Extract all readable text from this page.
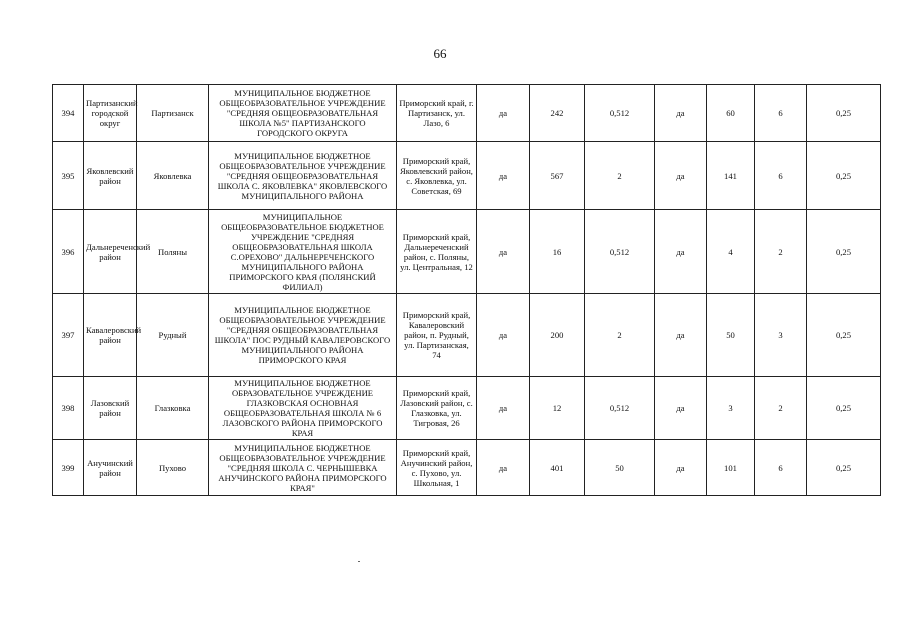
66
394	Партизанский городской округ	Партизанск	МУНИЦИПАЛЬНОЕ БЮДЖЕТНОЕ ОБЩЕОБРАЗОВАТЕЛЬНОЕ УЧРЕЖДЕНИЕ "СРЕДНЯЯ ОБЩЕОБРАЗОВАТЕЛЬНАЯ ШКОЛА №5" ПАРТИЗАНСКОГО ГОРОДСКОГО ОКРУГА	Приморский край, г. Партизанск, ул. Лазо, 6	да	242	0,512	да	60	6	0,25
395	Яковлевский район	Яковлевка	МУНИЦИПАЛЬНОЕ БЮДЖЕТНОЕ ОБЩЕОБРАЗОВАТЕЛЬНОЕ УЧРЕЖДЕНИЕ "СРЕДНЯЯ ОБЩЕОБРАЗОВАТЕЛЬНАЯ ШКОЛА С. ЯКОВЛЕВКА" ЯКОВЛЕВСКОГО МУНИЦИПАЛЬНОГО РАЙОНА	Приморский край, Яковлевский район, с. Яковлевка, ул. Советская, 69	да	567	2	да	141	6	0,25
396	Дальнереченский район	Поляны	МУНИЦИПАЛЬНОЕ ОБЩЕОБРАЗОВАТЕЛЬНОЕ БЮДЖЕТНОЕ УЧРЕЖДЕНИЕ "СРЕДНЯЯ ОБЩЕОБРАЗОВАТЕЛЬНАЯ ШКОЛА С.ОРЕХОВО" ДАЛЬНЕРЕЧЕНСКОГО МУНИЦИПАЛЬНОГО РАЙОНА ПРИМОРСКОГО КРАЯ (ПОЛЯНСКИЙ ФИЛИАЛ)	Приморский край, Дальнереченский район, с. Поляны, ул. Центральная, 12	да	16	0,512	да	4	2	0,25
397	Кавалеровский район	Рудный	МУНИЦИПАЛЬНОЕ БЮДЖЕТНОЕ ОБЩЕОБРАЗОВАТЕЛЬНОЕ УЧРЕЖДЕНИЕ "СРЕДНЯЯ ОБЩЕОБРАЗОВАТЕЛЬНАЯ ШКОЛА" ПОС РУДНЫЙ КАВАЛЕРОВСКОГО МУНИЦИПАЛЬНОГО РАЙОНА ПРИМОРСКОГО КРАЯ	Приморский край, Кавалеровский район, п. Рудный, ул. Партизанская, 74	да	200	2	да	50	3	0,25
398	Лазовский район	Глазковка	МУНИЦИПАЛЬНОЕ БЮДЖЕТНОЕ ОБРАЗОВАТЕЛЬНОЕ УЧРЕЖДЕНИЕ ГЛАЗКОВСКАЯ ОСНОВНАЯ ОБЩЕОБРАЗОВАТЕЛЬНАЯ ШКОЛА № 6 ЛАЗОВСКОГО РАЙОНА ПРИМОРСКОГО КРАЯ	Приморский край, Лазовский район, с. Глазковка, ул. Тигровая, 26	да	12	0,512	да	3	2	0,25
399	Анучинский район	Пухово	МУНИЦИПАЛЬНОЕ БЮДЖЕТНОЕ ОБЩЕОБРАЗОВАТЕЛЬНОЕ УЧРЕЖДЕНИЕ "СРЕДНЯЯ ШКОЛА С. ЧЕРНЫШЕВКА АНУЧИНСКОГО РАЙОНА ПРИМОРСКОГО КРАЯ"	Приморский край, Анучинский район, с. Пухово, ул. Школьная, 1	да	401	50	да	101	6	0,25
